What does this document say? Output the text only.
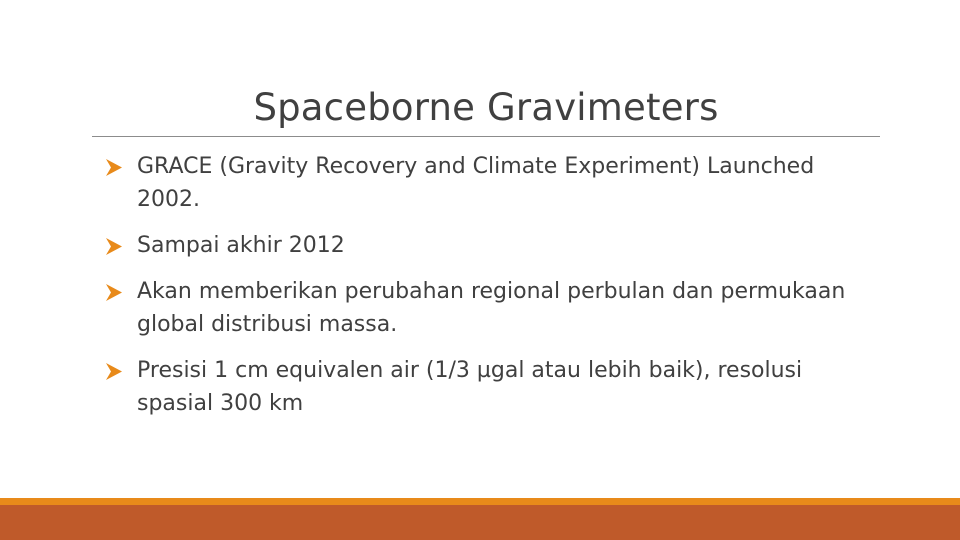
Spaceborne Gravimeters
GRACE (Gravity Recovery and Climate Experiment) Launched 2002.
Sampai akhir 2012
Akan memberikan perubahan regional perbulan dan permukaan global distribusi massa.
Presisi 1 cm equivalen air (1/3 µgal atau lebih baik), resolusi spasial 300 km
